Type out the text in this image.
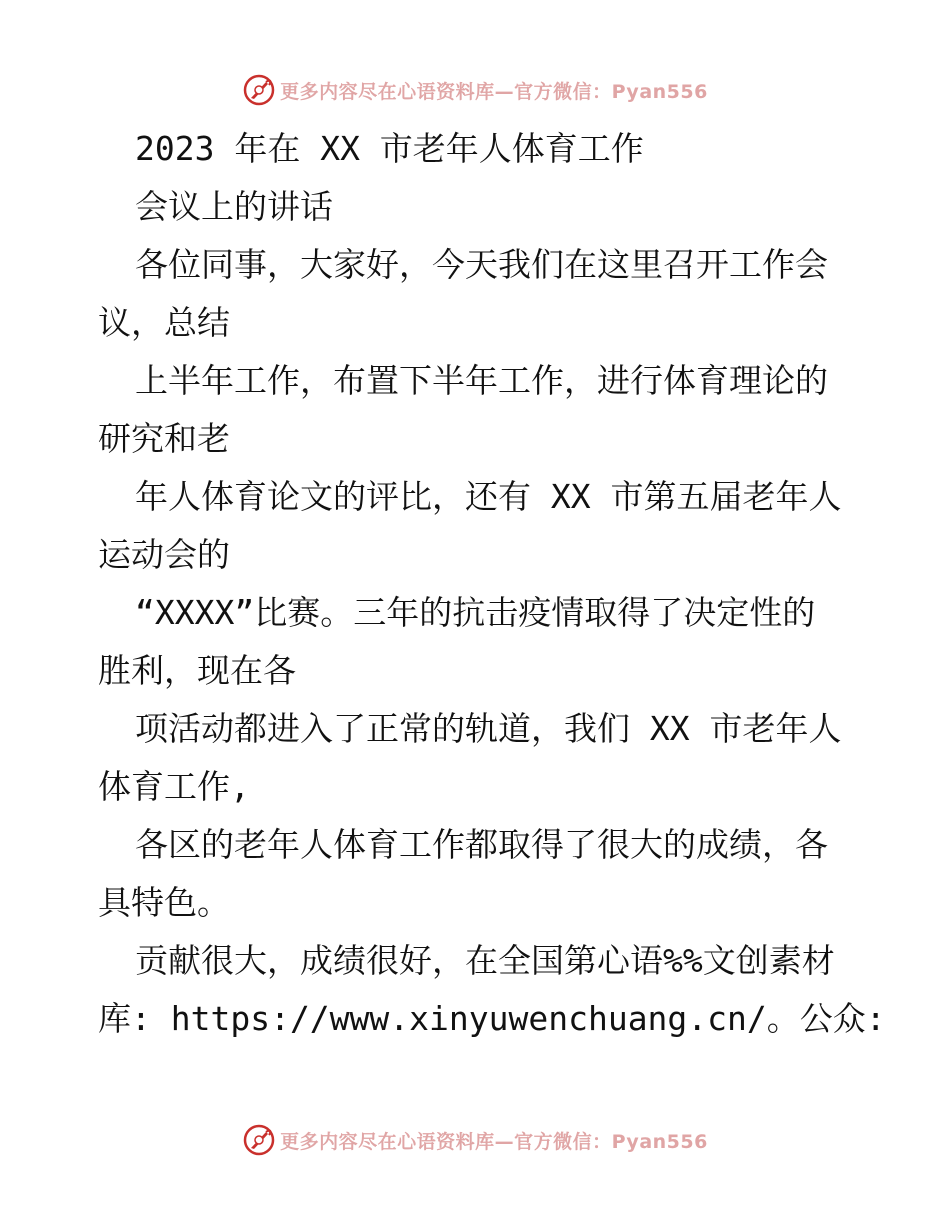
更多内容尽在心语资料库—官方微信：Pyan556
2023 年在 XX 市老年人体育工作
会议上的讲话
各位同事，大家好，今天我们在这里召开工作会
议，总结
上半年工作，布置下半年工作，进行体育理论的
研究和老
年人体育论文的评比，还有 XX 市第五届老年人
运动会的
“XXXX”比赛。三年的抗击疫情取得了决定性的
胜利，现在各
项活动都进入了正常的轨道，我们 XX 市老年人
体育工作,
各区的老年人体育工作都取得了很大的成绩，各
具特色。
贡献很大，成绩很好，在全国第心语%%文创素材
库: https://www.xinyuwenchuang.cn/。公众:
更多内容尽在心语资料库—官方微信：Pyan556
